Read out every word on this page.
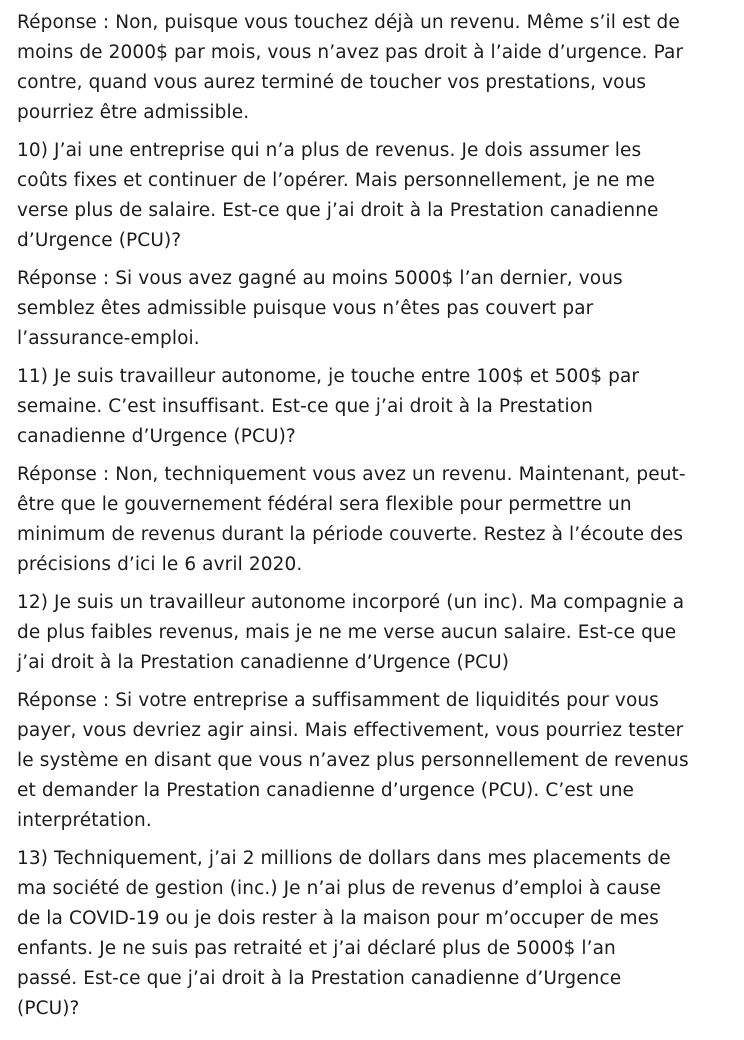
Réponse : Non, puisque vous touchez déjà un revenu. Même s’il est de
moins de 2000$ par mois, vous n’avez pas droit à l’aide d’urgence. Par
contre, quand vous aurez terminé de toucher vos prestations, vous
pourriez être admissible.

10) J’ai une entreprise qui n’a plus de revenus. Je dois assumer les
coûts fixes et continuer de l’opérer. Mais personnellement, je ne me
verse plus de salaire. Est-ce que j’ai droit à la Prestation canadienne
d’Urgence (PCU)?

Réponse : Si vous avez gagné au moins 5000$ l’an dernier, vous
semblez êtes admissible puisque vous n’êtes pas couvert par
l’assurance-emploi.

11) Je suis travailleur autonome, je touche entre 100$ et 500$ par
semaine. C’est insuffisant. Est-ce que j’ai droit à la Prestation
canadienne d’Urgence (PCU)?

Réponse : Non, techniquement vous avez un revenu. Maintenant, peut-
être que le gouvernement fédéral sera flexible pour permettre un
minimum de revenus durant la période couverte. Restez à l’écoute des
précisions d’ici le 6 avril 2020.

12) Je suis un travailleur autonome incorporé (un inc). Ma compagnie a
de plus faibles revenus, mais je ne me verse aucun salaire. Est-ce que
j’ai droit à la Prestation canadienne d’Urgence (PCU)

Réponse : Si votre entreprise a suffisamment de liquidités pour vous
payer, vous devriez agir ainsi. Mais effectivement, vous pourriez tester
le système en disant que vous n’avez plus personnellement de revenus
et demander la Prestation canadienne d’urgence (PCU). C’est une
interprétation.

13) Techniquement, j’ai 2 millions de dollars dans mes placements de
ma société de gestion (inc.) Je n’ai plus de revenus d’emploi à cause
de la COVID-19 ou je dois rester à la maison pour m’occuper de mes
enfants. Je ne suis pas retraité et j’ai déclaré plus de 5000$ l’an
passé. Est-ce que j’ai droit à la Prestation canadienne d’Urgence
(PCU)?
